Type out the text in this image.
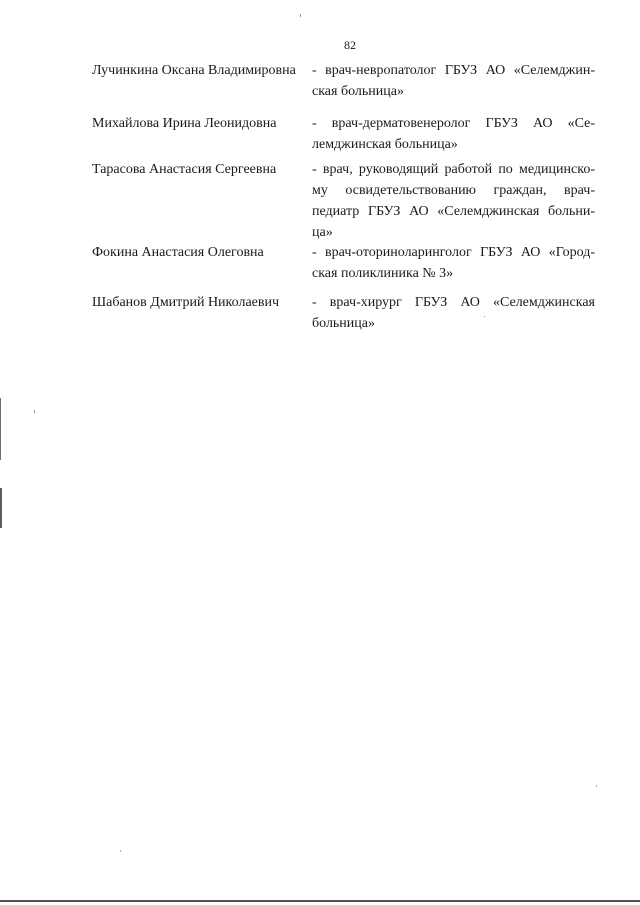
82
Лучинкина Оксана Владимировна - врач-невропатолог ГБУЗ АО «Селемджин-
ская больница»
Михайлова Ирина Леонидовна	- врач-дерматовенеролог ГБУЗ АО «Се-
лемджинская больница»
Тарасова Анастасия Сергеевна	- врач, руководящий работой по медицинско-
му освидетельствованию граждан, врач-
педиатр ГБУЗ АО «Селемджинская больни-
ца»
Фокина Анастасия Олеговна	- врач-оториноларинголог ГБУЗ АО «Город-
ская поликлиника № 3»
Шабанов Дмитрий Николаевич - врач-хирург ГБУЗ АО «Селемджинская
больница»
